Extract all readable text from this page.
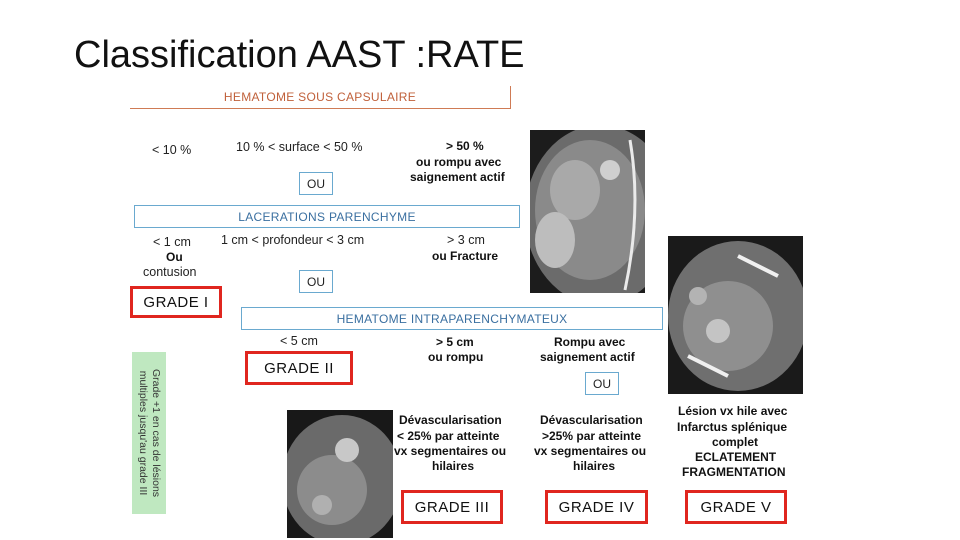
Classification AAST :RATE
HEMATOME SOUS CAPSULAIRE
LACERATIONS PARENCHYME
HEMATOME INTRAPARENCHYMATEUX
< 10 %	10 % < surface < 50 %	> 50 %
ou rompu avec
saignement actif
OU
< 1 cm
Ou
contusion
1 cm < profondeur < 3 cm	> 3 cm
ou Fracture
OU
GRADE I
< 5 cm	> 5 cm
ou rompu
Rompu avec
saignement actif
OU
GRADE II
Grade +1 en cas de lésions multiples jusqu'au grade III	Dévascularisation
< 25% par atteinte
vx segmentaires ou
hilaires
Dévascularisation
>25% par atteinte
vx segmentaires ou
hilaires
Lésion vx hile avec
Infarctus splénique
complet
ECLATEMENT
FRAGMENTATION
GRADE III	GRADE IV	GRADE V
